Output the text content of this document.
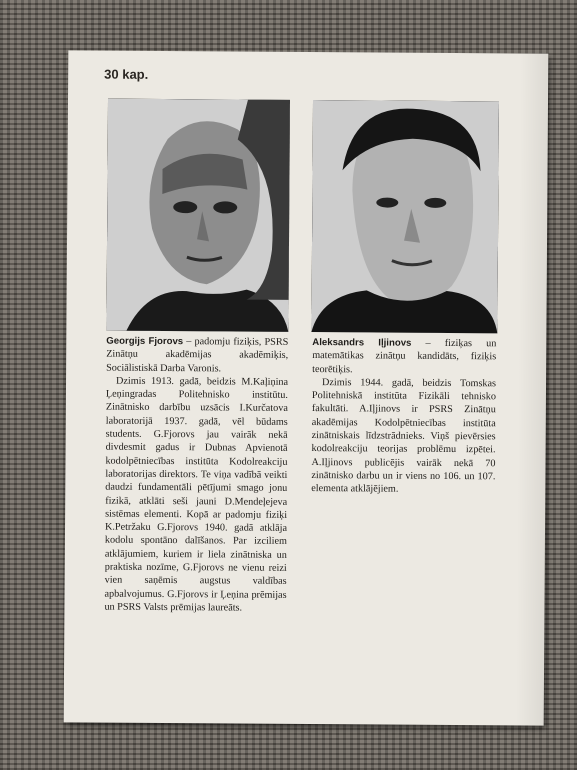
30 kap.

Georgijs Fjorovs – padomju fiziķis, PSRS Zinātņu akadēmijas akadēmiķis, Sociālistiskā Darba Varonis.

Dzimis 1913. gadā, beidzis M.Kaļiņina Ļeņingradas Politehnisko institūtu. Zinātnisko darbību uzsācis I.Kurčatova laboratorijā 1937. gadā, vēl būdams students. G.Fjorovs jau vairāk nekā divdesmit gadus ir Dubnas Apvienotā kodolpētniecības institūta Kodolreakciju laboratorijas direktors. Te viņa vadībā veikti daudzi fundamentāli pētījumi smago jonu fizikā, atklāti seši jauni D.Mendeļejeva sistēmas elementi. Kopā ar padomju fiziķi K.Petržaku G.Fjorovs 1940. gadā atklāja kodolu spontāno dalīšanos. Par izciliem atklājumiem, kuriem ir liela zinātniska un praktiska nozīme, G.Fjorovs ne vienu reizi vien saņēmis augstus valdības apbalvojumus. G.Fjorovs ir Ļeņina prēmijas un PSRS Valsts prēmijas laureāts.

Aleksandrs Iļjinovs – fiziķas un matemātikas zinātņu kandidāts, fiziķis teorētiķis.

Dzimis 1944. gadā, beidzis Tomskas Politehniskā institūta Fizikāli tehnisko fakultāti. A.Iļjinovs ir PSRS Zinātņu akadēmijas Kodolpētniecības institūta zinātniskais līdzstrādnieks. Viņš pievērsies kodolreakciju teorijas problēmu izpētei. A.Iļjinovs publicējis vairāk nekā 70 zinātnisko darbu un ir viens no 106. un 107. elementa atklājējiem.
